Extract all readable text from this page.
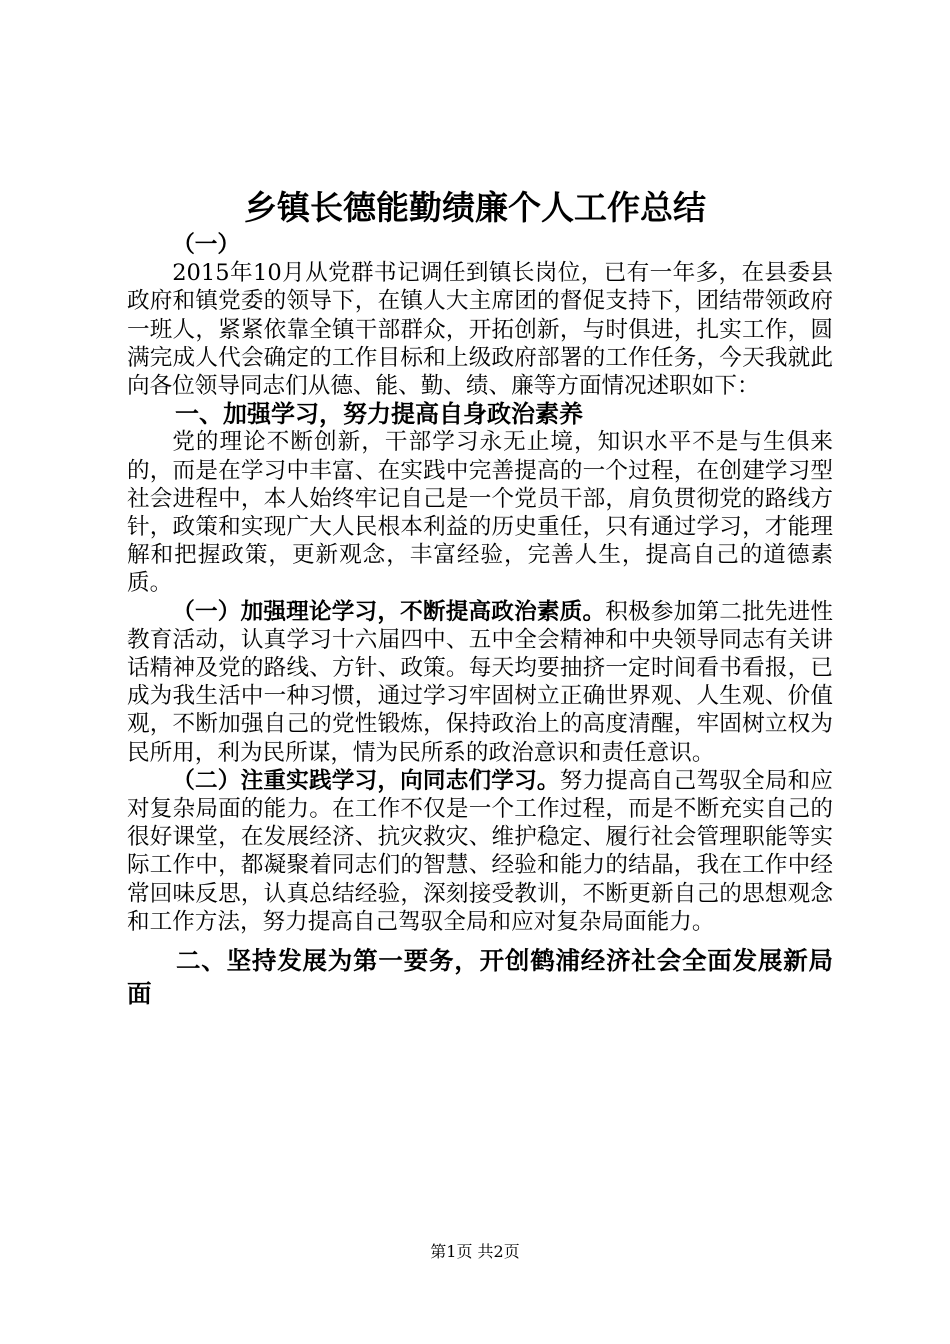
乡镇长德能勤绩廉个人工作总结

（一）

2015年10月从党群书记调任到镇长岗位，已有一年多，在县委县政府和镇党委的领导下，在镇人大主席团的督促支持下，团结带领政府一班人，紧紧依靠全镇干部群众，开拓创新，与时俱进，扎实工作，圆满完成人代会确定的工作目标和上级政府部署的工作任务，今天我就此向各位领导同志们从德、能、勤、绩、廉等方面情况述职如下：

一、加强学习，努力提高自身政治素养

党的理论不断创新，干部学习永无止境，知识水平不是与生俱来的，而是在学习中丰富、在实践中完善提高的一个过程，在创建学习型社会进程中，本人始终牢记自己是一个党员干部，肩负贯彻党的路线方针，政策和实现广大人民根本利益的历史重任，只有通过学习，才能理解和把握政策，更新观念，丰富经验，完善人生，提高自己的道德素质。

（一）加强理论学习，不断提高政治素质。积极参加第二批先进性教育活动，认真学习十六届四中、五中全会精神和中央领导同志有关讲话精神及党的路线、方针、政策。每天均要抽挤一定时间看书看报，已成为我生活中一种习惯，通过学习牢固树立正确世界观、人生观、价值观，不断加强自己的党性锻炼，保持政治上的高度清醒，牢固树立权为民所用，利为民所谋，情为民所系的政治意识和责任意识。

（二）注重实践学习，向同志们学习。努力提高自己驾驭全局和应对复杂局面的能力。在工作不仅是一个工作过程，而是不断充实自己的很好课堂，在发展经济、抗灾救灾、维护稳定、履行社会管理职能等实际工作中，都凝聚着同志们的智慧、经验和能力的结晶，我在工作中经常回味反思，认真总结经验，深刻接受教训，不断更新自己的思想观念和工作方法，努力提高自己驾驭全局和应对复杂局面能力。

二、坚持发展为第一要务，开创鹤浦经济社会全面发展新局面

第1页 共2页
